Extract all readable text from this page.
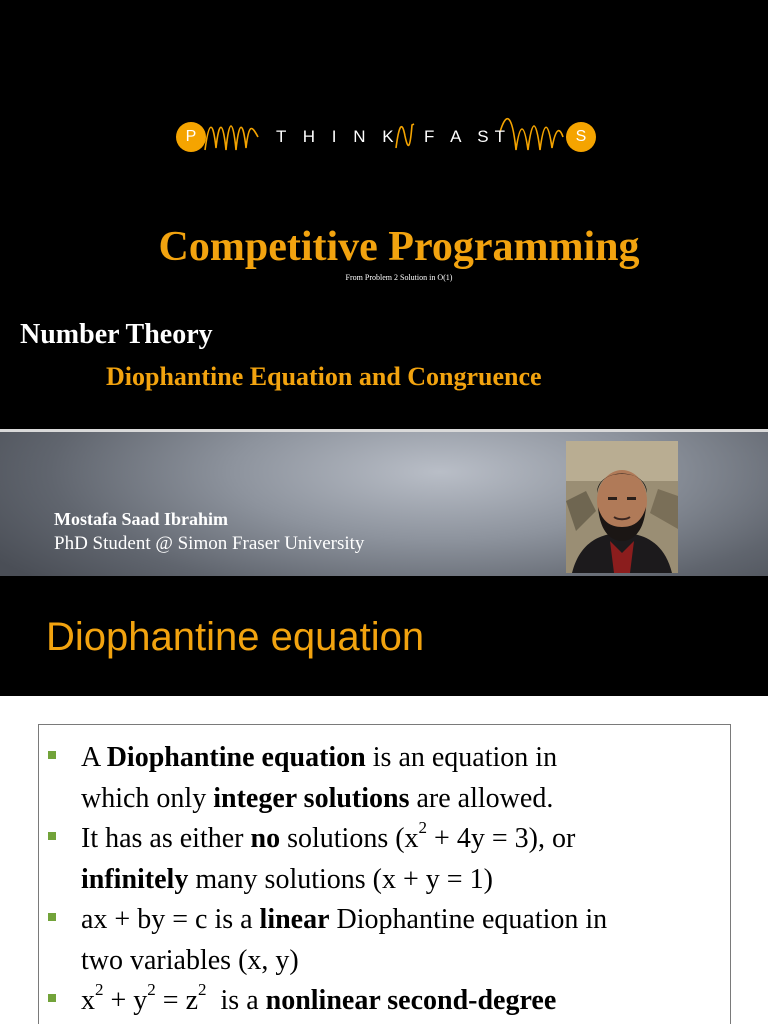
P	T H I N K F A ST	S
Competitive Programming
From Problem 2 Solution in O(1)
Number Theory
Diophantine Equation and Congruence
Mostafa Saad Ibrahim
PhD Student @ Simon Fraser University
Diophantine equation
A Diophantine equation is an equation in
which only integer solutions are allowed.
It has as either no solutions $(x^2 + 4y = 3)$, or
infinitely many solutions (x + y = 1)
ax + by = c is a linear Diophantine equation in
two variables (x, y)
$x^2 + y^2 = z^2$  is a nonlinear second-degree
